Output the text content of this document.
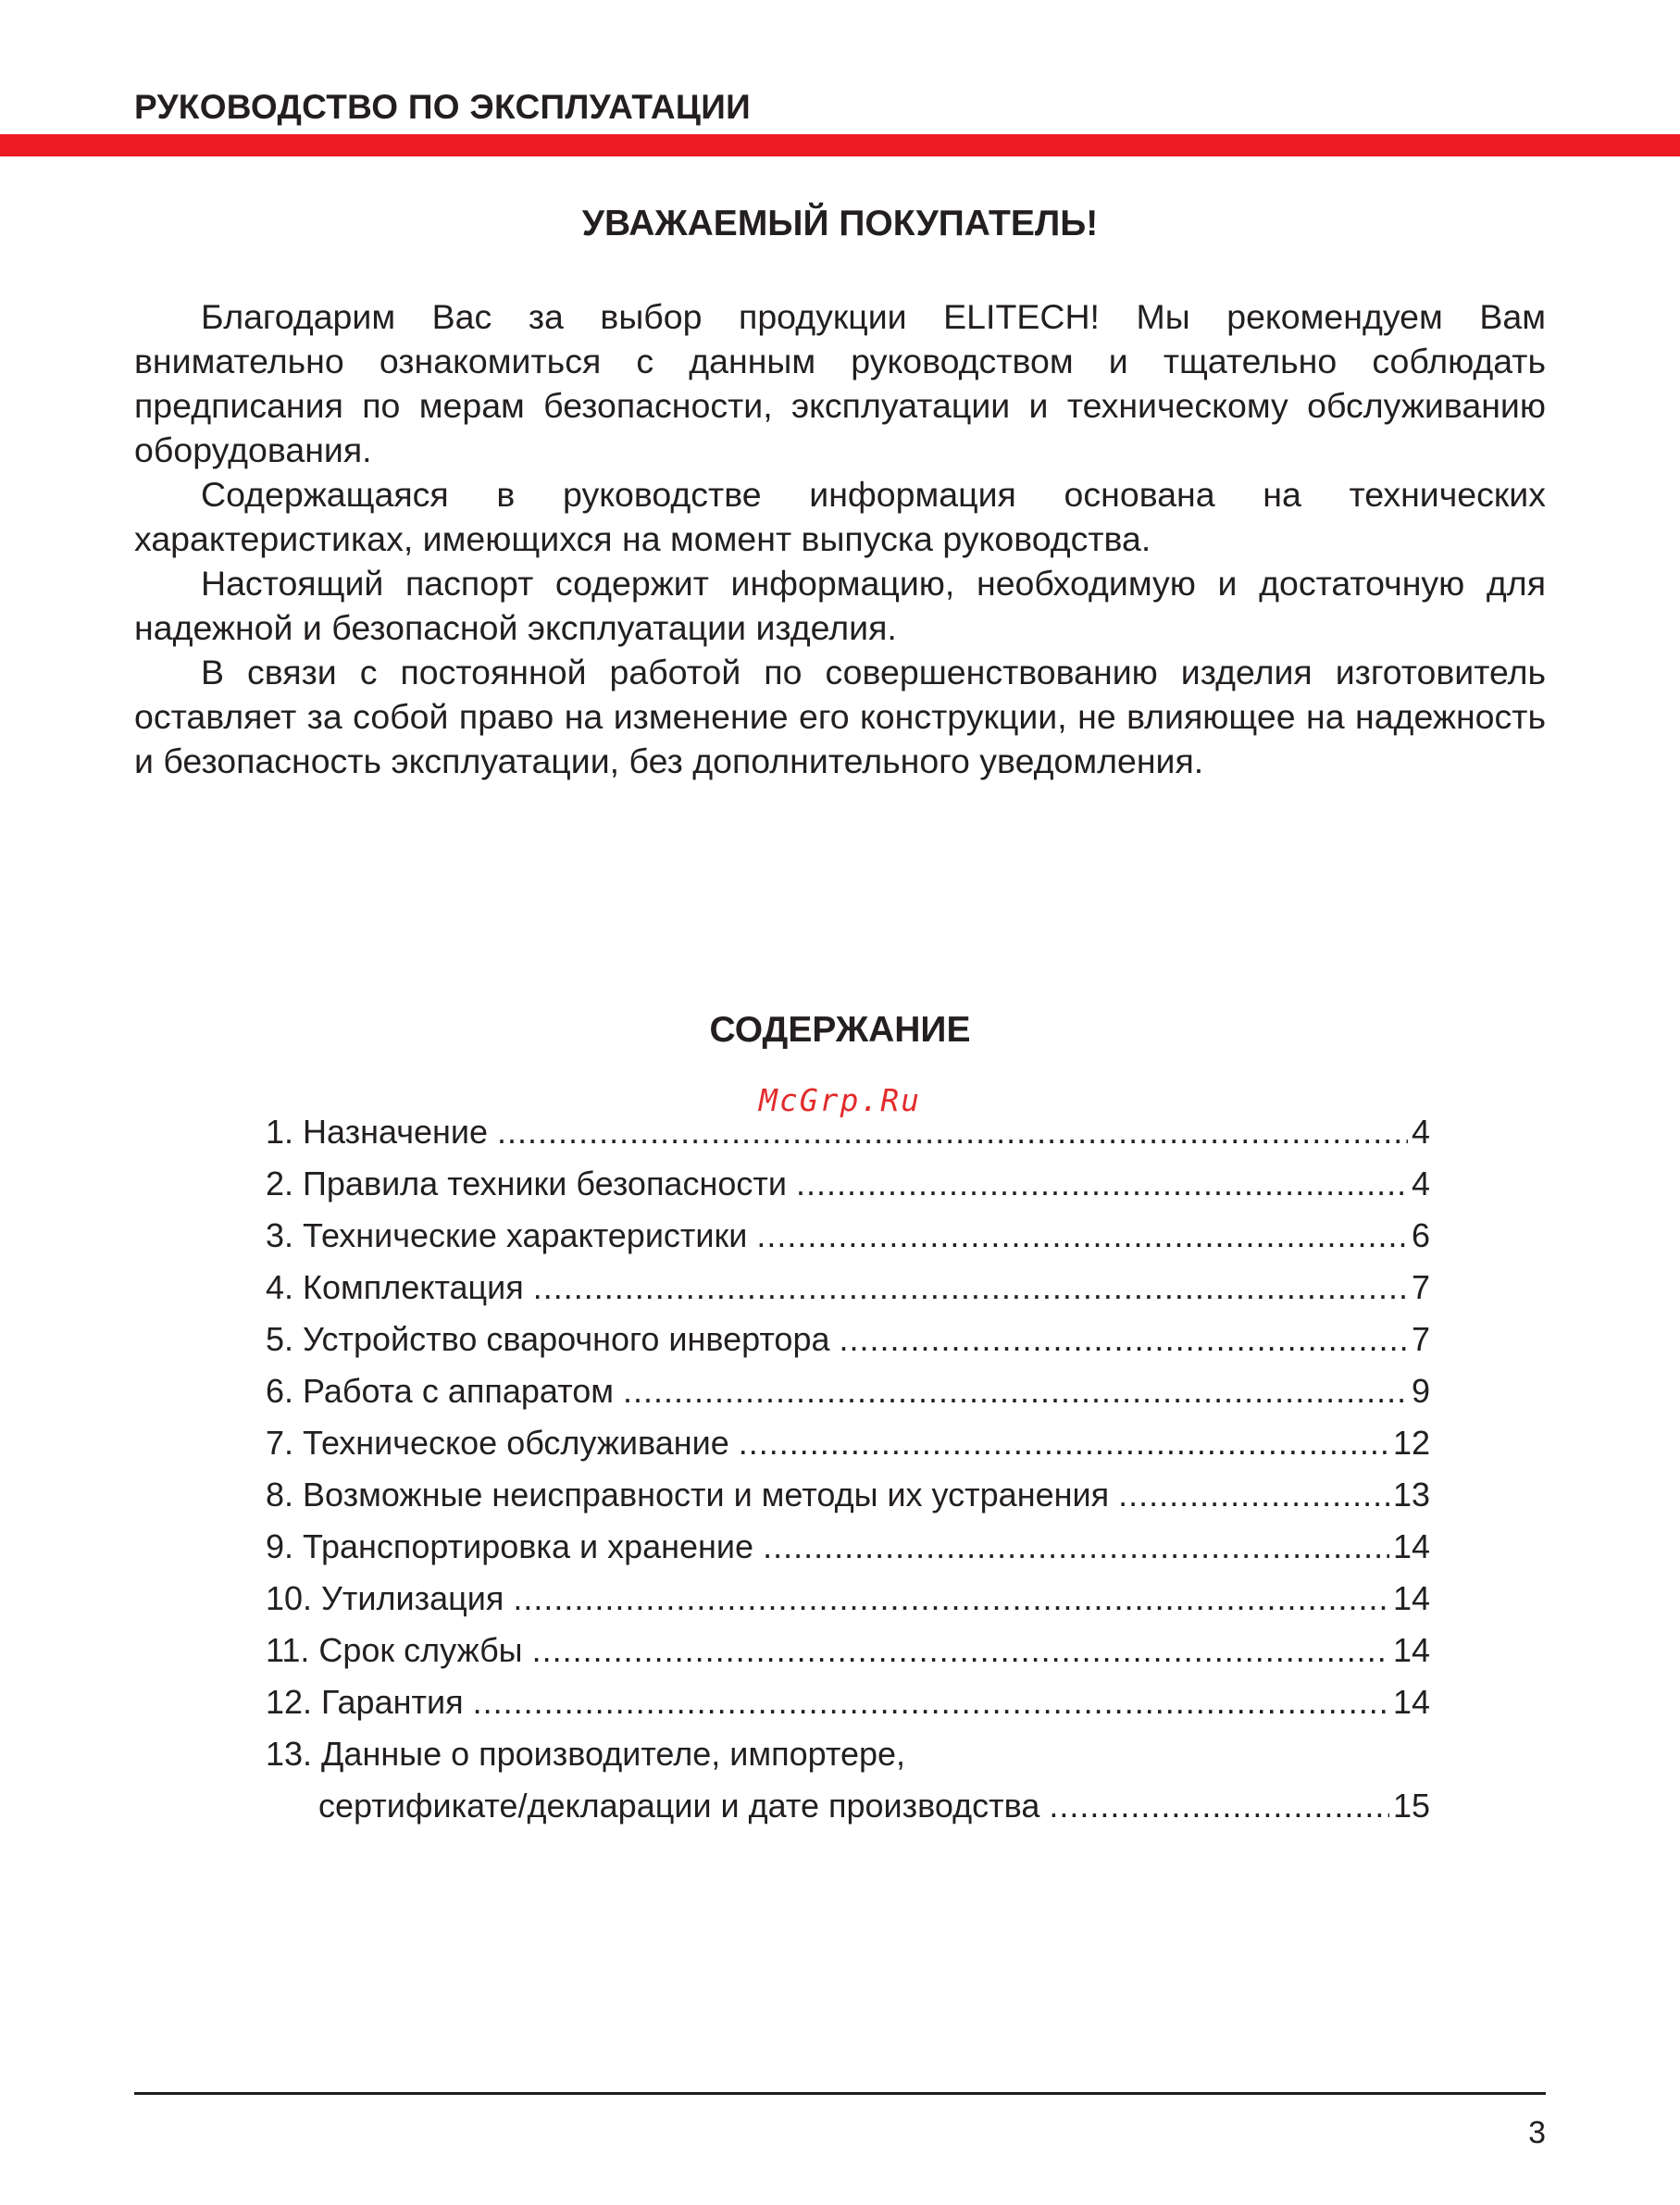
РУКОВОДСТВО ПО ЭКСПЛУАТАЦИИ
УВАЖАЕМЫЙ ПОКУПАТЕЛЬ!

Благодарим Вас за выбор продукции ELITECH! Мы рекомендуем Вам внимательно ознакомиться с данным руководством и тщательно соблюдать предписания по мерам безопасности, эксплуатации и техническому обслуживанию оборудования.

Содержащаяся в руководстве информация основана на технических характеристиках, имеющихся на момент выпуска руководства.

Настоящий паспорт содержит информацию, необходимую и достаточную для надежной и безопасной эксплуатации изделия.

В связи с постоянной работой по совершенствованию изделия изготовитель оставляет за собой право на изменение его конструкции, не влияющее на надежность и безопасность эксплуатации, без дополнительного уведомления.

СОДЕРЖАНИЕ
McGrp.Ru
1. Назначение .....	4
2. Правила техники безопасности .....	4
3. Технические характеристики .....	6
4. Комплектация .....	7
5. Устройство сварочного инвертора .....	7
6. Работа с аппаратом .....	9
7. Техническое обслуживание .....	12
8. Возможные неисправности и методы их устранения .....	13
9. Транспортировка и хранение .....	14
10. Утилизация .....	14
11. Срок службы .....	14
12. Гарантия .....	14
13. Данные о производителе, импортере,
сертификате/декларации и дате производства .....	15
3
